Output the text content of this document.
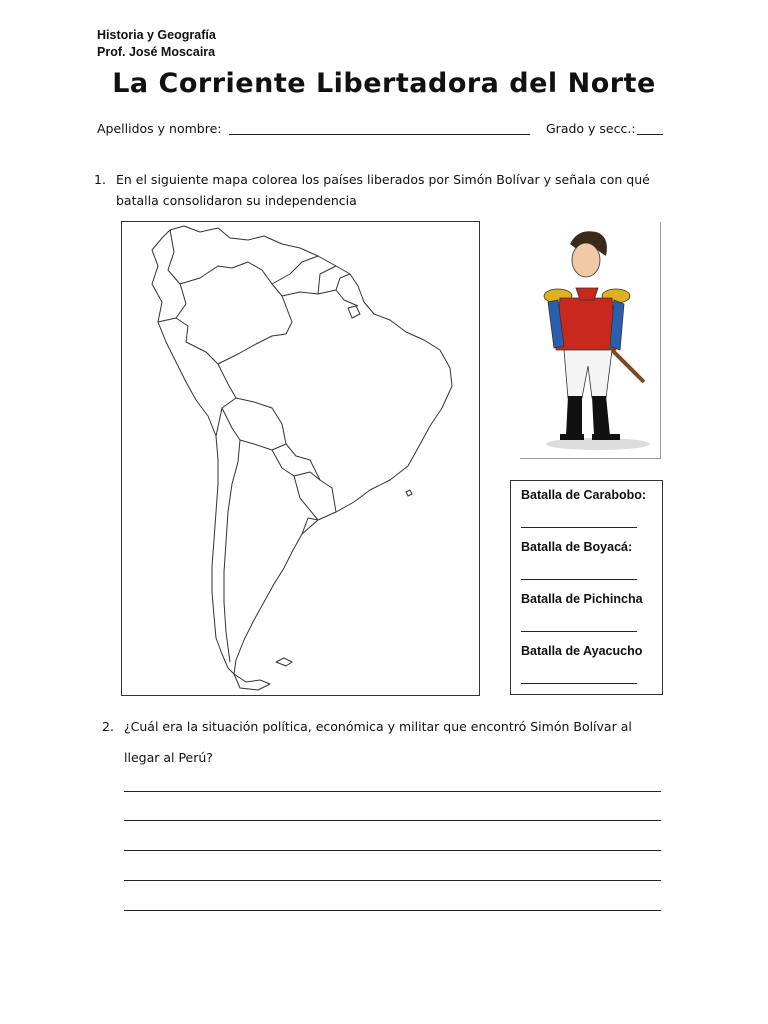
Historia y Geografía
Prof. José Moscaira
La Corriente Libertadora del Norte
Apellidos y nombre:	Grado y secc.:
1. En el siguiente mapa colorea los países liberados por Simón Bolívar y señala con qué
batalla consolidaron su independencia
Batalla de Carabobo:
Batalla de Boyacá:
Batalla de Pichincha
Batalla de Ayacucho
2. ¿Cuál era la situación política, económica y militar que encontró Simón Bolívar al
llegar al Perú?
